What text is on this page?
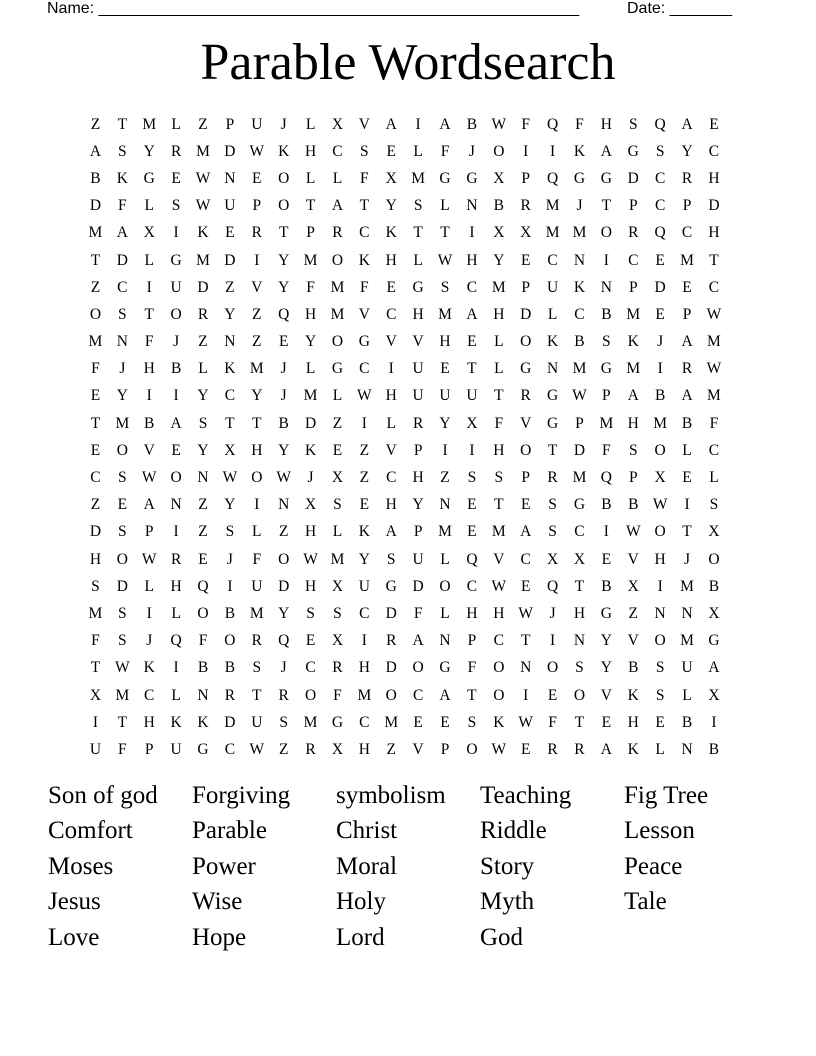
Name: ______________________________________________________	Date: _______
Parable Wordsearch
Z	T M L	Z	P	U	J	L	X	V	A	I	A	B W F	Q	F	H	S	Q	A	E
A	S	Y	R M D W K	H	C	S	E	L	F	J	O	I	I	K	A	G	S	Y	C
B	K	G	E W N	E	O	L	L	F	X M G	G	X	P	Q	G	G	D	C	R	H
D	F	L	S W U	P	O	T	A	T	Y	S	L	N	B	R M	J	T	P	C	P	D
M A	X	I	K	E	R	T	P	R	C	K	T	T	I	X	X M M O	R	Q	C	H
T	D	L	G M D	I	Y M O	K	H	L W H	Y	E	C	N	I	C	E M T
Z	C	I	U	D	Z	V	Y	F	M	F	E	G	S	C M	P	U	K	N	P	D	E	C
O	S	T	O	R	Y	Z	Q	H M V	C	H M A	H	D	L	C	B M E	P W
M N	F	J	Z	N	Z	E	Y	O	G	V	V	H	E	L	O	K	B	S	K	J	A M
F	J	H	B	L	K M	J	L	G	C	I	U	E	T	L	G	N M G M	I	R W
E	Y	I	I	Y	C	Y	J	M L W H	U	U	U	T	R	G W P	A	B	A M
T M B	A	S	T	T	B	D	Z	I	L	R	Y	X	F	V	G	P	M H M B	F
E	O	V	E	Y	X	H	Y	K	E	Z	V	P	I	I	H	O	T	D	F	S	O	L	C
C	S W O	N W O W	J	X	Z	C	H	Z	S	S	P	R M Q	P	X	E	L
Z	E	A	N	Z	Y	I	N	X	S	E	H	Y	N	E	T	E	S	G	B	B W	I	S
D	S	P	I	Z	S	L	Z	H	L	K	A	P	M E M A	S	C	I	W O	T	X
H	O W R	E	J	F	O W M Y	S	U	L	Q	V	C	X	X	E	V	H	J	O
S	D	L	H	Q	I	U	D	H	X	U	G	D	O	C W E	Q	T	B	X	I	M B
M	S	I	L	O	B M Y	S	S	C	D	F	L	H	H W	J	H	G	Z	N	N	X
F	S	J	Q	F	O	R	Q	E	X	I	R	A	N	P	C	T	I	N	Y	V	O M G
T W K	I	B	B	S	J	C	R	H	D	O	G	F	O	N	O	S	Y	B	S	U	A
X M C	L	N	R	T	R	O	F	M O	C	A	T	O	I	E	O	V	K	S	L	X
I	T	H	K	K	D	U	S	M G	C M E	E	S	K W F	T	E	H	E	B	I
U	F	P	U	G	C W Z	R	X	H	Z	V	P	O W E	R	R	A	K	L	N	B
Son of god	Forgiving	symbolism	Teaching	Fig Tree
Comfort	Parable	Christ	Riddle	Lesson
Moses	Power	Moral	Story	Peace
Jesus	Wise	Holy	Myth	Tale
Love	Hope	Lord	God
